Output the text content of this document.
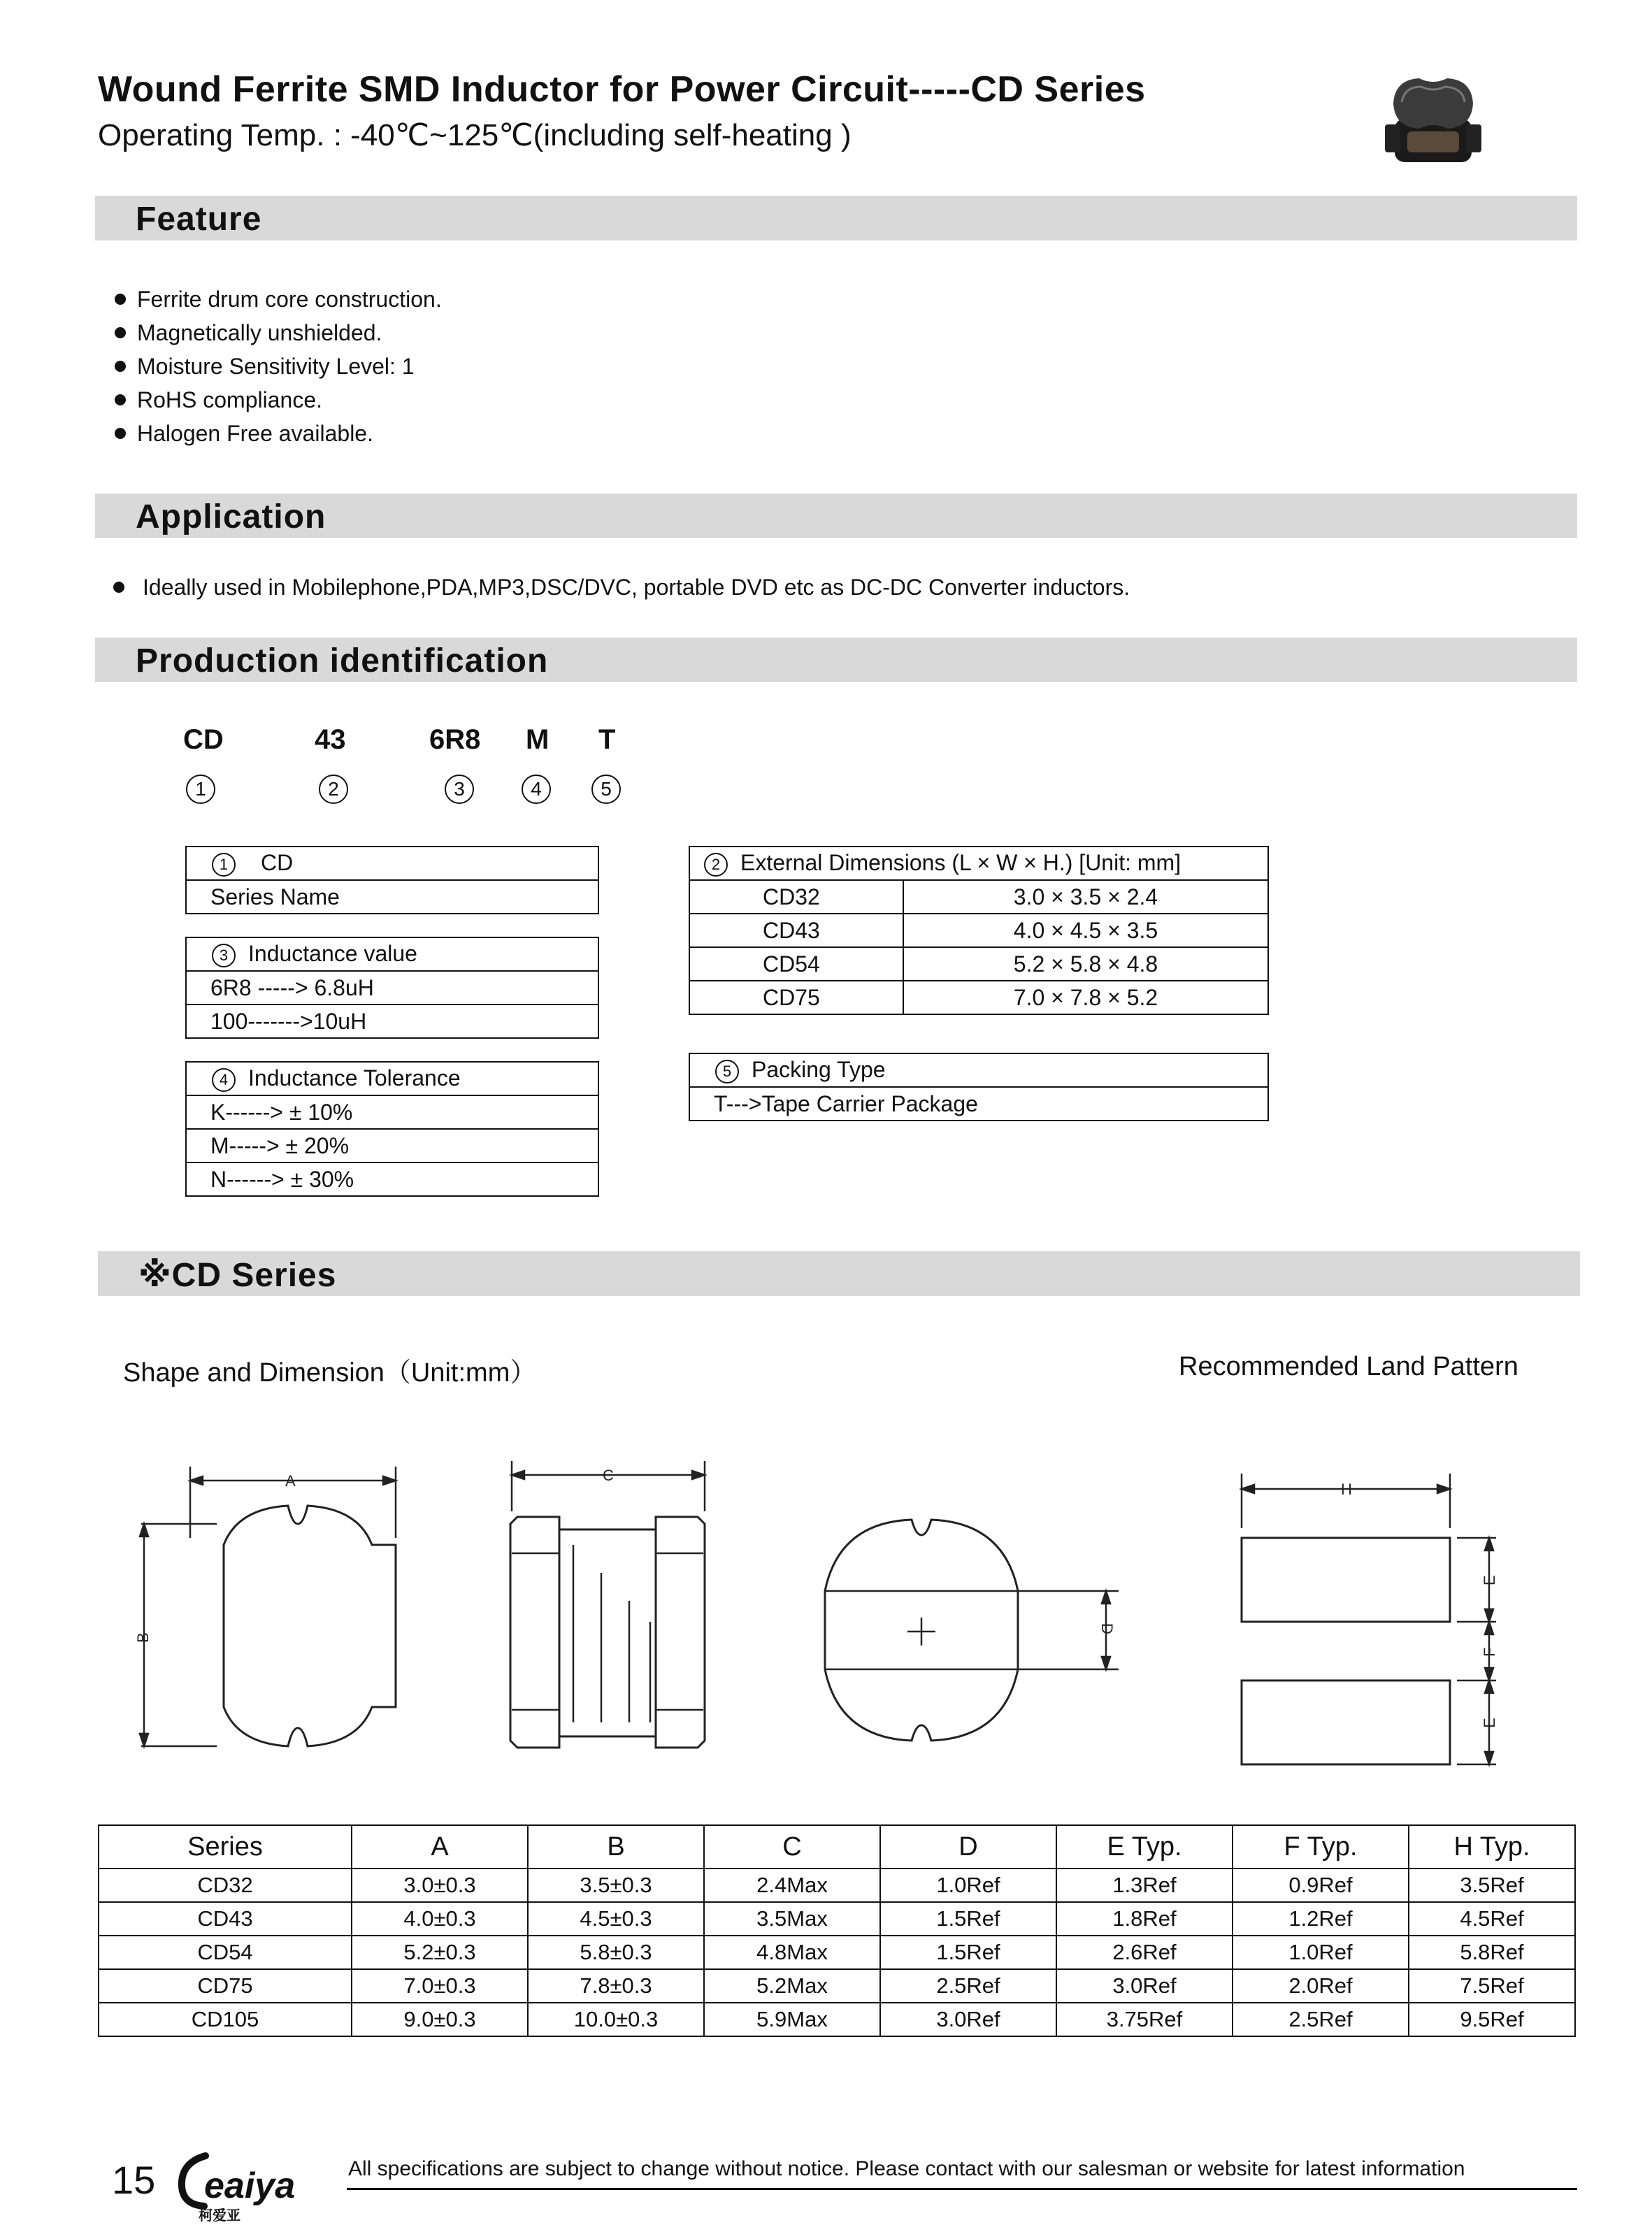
Wound Ferrite SMD Inductor for Power Circuit-----CD Series
Operating Temp. : -40℃~125℃(including self-heating )
Feature
Ferrite drum core construction.
Magnetically unshielded.
Moisture Sensitivity Level: 1
RoHS compliance.
Halogen Free available.
Application
Ideally used in Mobilephone,PDA,MP3,DSC/DVC, portable DVD etc as DC-DC Converter inductors.
Production identification
CD	43	6R8 M T
1	2	3	4	5
1 CD
Series Name
3 Inductance value
6R8 -----> 6.8uH
100------->10uH
4 Inductance Tolerance
K------> ± 10%
M-----> ± 20%
N------> ± 30%
2 External Dimensions (L × W × H.) [Unit: mm]	
CD32	3.0 × 3.5 × 2.4
CD43	4.0 × 4.5 × 3.5
CD54	5.2 × 5.8 × 4.8
CD75	7.0 × 7.8 × 5.2
5 Packing Type
T--->Tape Carrier Package
※CD Series
Shape and Dimension（Unit:mm）	Recommended Land Pattern
A
B
C
D
H
E
F
E
Series	A	B	C	D	E Typ.	F Typ.	H Typ.
CD32	3.0±0.3	3.5±0.3	2.4Max	1.0Ref	1.3Ref	0.9Ref	3.5Ref
CD43	4.0±0.3	4.5±0.3	3.5Max	1.5Ref	1.8Ref	1.2Ref	4.5Ref
CD54	5.2±0.3	5.8±0.3	4.8Max	1.5Ref	2.6Ref	1.0Ref	5.8Ref
CD75	7.0±0.3	7.8±0.3	5.2Max	2.5Ref	3.0Ref	2.0Ref	7.5Ref
CD105	9.0±0.3	10.0±0.3	5.9Max	3.0Ref	3.75Ref	2.5Ref	9.5Ref
15 eaiya
柯爱亚
All specifications are subject to change without notice. Please contact with our salesman or website for latest information
